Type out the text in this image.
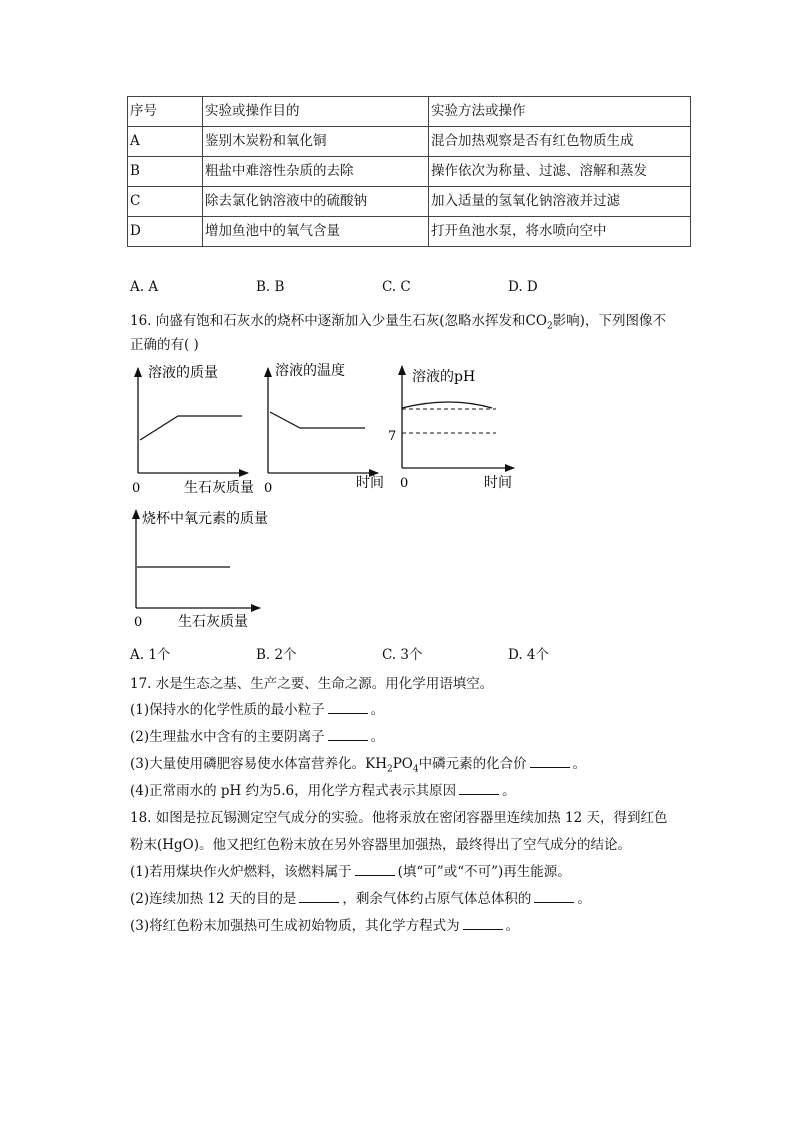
序号	实验或操作目的	实验方法或操作
A	鉴别木炭粉和氧化铜	混合加热观察是否有红色物质生成
B	粗盐中难溶性杂质的去除	操作依次为称量、过滤、溶解和蒸发
C	除去氯化钠溶液中的硫酸钠	加入适量的氢氧化钠溶液并过滤
D	增加鱼池中的氧气含量	打开鱼池水泵，将水喷向空中
A. A	B. B	C. C	D. D
16. 向盛有饱和石灰水的烧杯中逐渐加入少量生石灰(忽略水挥发和$CO_2$影响)，下列图像不
正确的有( )
溶液的质量
0	生石灰质量
溶液的温度
0	时间
溶液的pH
7
0	时间
烧杯中氧元素的质量
0	生石灰质量
A. 1个	B. 2个	C. 3个	D. 4个
17. 水是生态之基、生产之要、生命之源。用化学用语填空。
(1)保持水的化学性质的最小粒子	。
(2)生理盐水中含有的主要阴离子	。
(3)大量使用磷肥容易使水体富营养化。$KH_2PO_4$中磷元素的化合价	。
(4)正常雨水的 pH 约为5.6，用化学方程式表示其原因	。
18. 如图是拉瓦锡测定空气成分的实验。他将汞放在密闭容器里连续加热 12 天，得到红色
粉末(HgO)。他又把红色粉末放在另外容器里加强热，最终得出了空气成分的结论。
(1)若用煤块作火炉燃料，该燃料属于	(填“可”或“不可”)再生能源。
(2)连续加热 12 天的目的是	，剩余气体约占原气体总体积的	。
(3)将红色粉末加强热可生成初始物质，其化学方程式为	。
